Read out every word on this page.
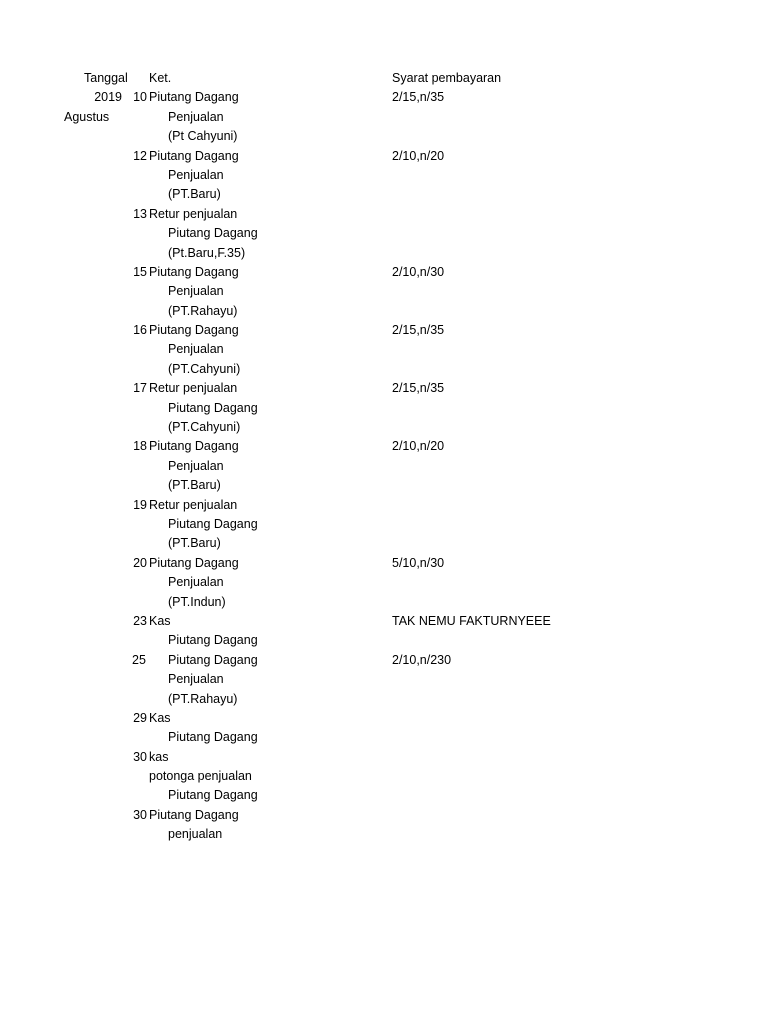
Tanggal Ket.	Syarat pembayaran
2019 10 Piutang Dagang	2/15,n/35
Agustus	Penjualan
(Pt Cahyuni)
12 Piutang Dagang	2/10,n/20
Penjualan
(PT.Baru)
13 Retur penjualan
Piutang Dagang
(Pt.Baru,F.35)
15 Piutang Dagang	2/10,n/30
Penjualan
(PT.Rahayu)
16 Piutang Dagang	2/15,n/35
Penjualan
(PT.Cahyuni)
17 Retur penjualan	2/15,n/35
Piutang Dagang
(PT.Cahyuni)
18 Piutang Dagang	2/10,n/20
Penjualan
(PT.Baru)
19 Retur penjualan
Piutang Dagang
(PT.Baru)
20 Piutang Dagang	5/10,n/30
Penjualan
(PT.Indun)
23 Kas	TAK NEMU FAKTURNYEEE
Piutang Dagang
25 Piutang Dagang	2/10,n/230
Penjualan
(PT.Rahayu)
29 Kas
Piutang Dagang
30 kas
potonga penjualan
Piutang Dagang
30 Piutang Dagang
penjualan
